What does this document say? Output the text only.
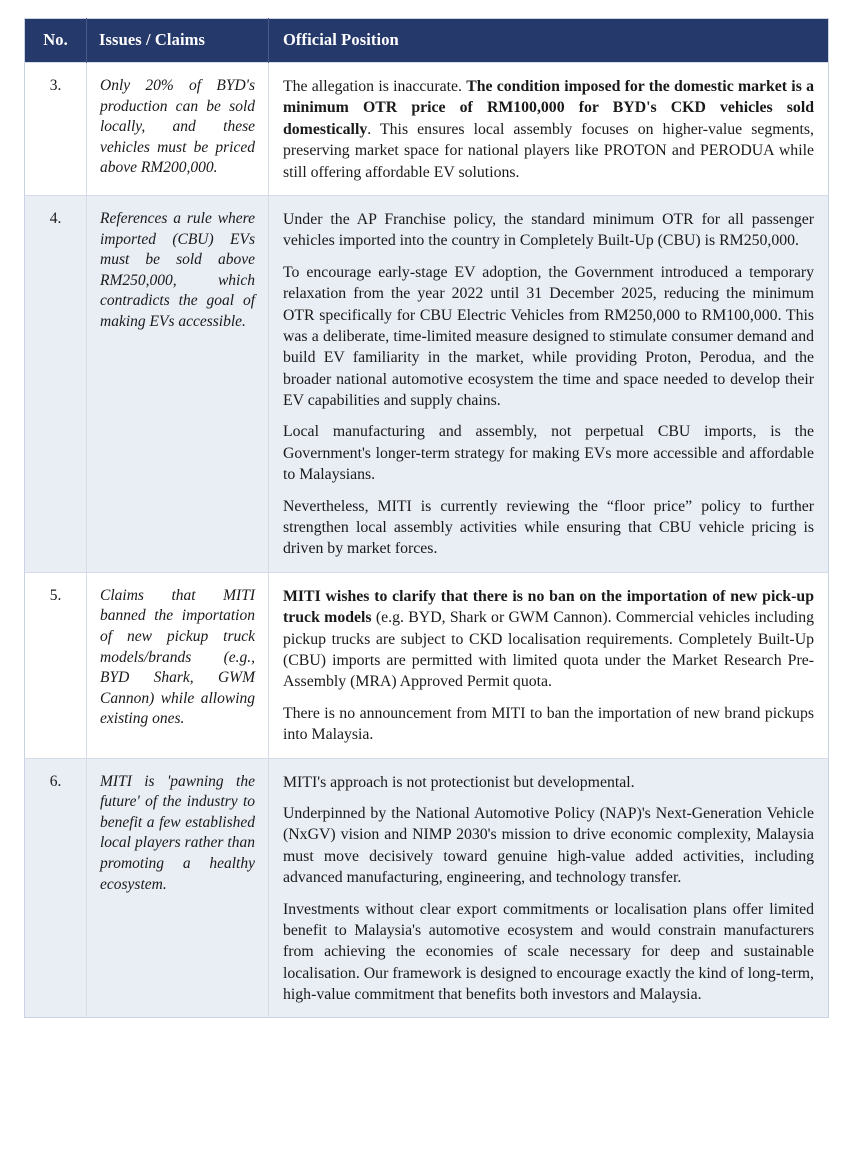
No.	Issues / Claims	Official Position
3.	Only 20% of BYD's production can be sold locally, and these vehicles must be priced above RM200,000.	The allegation is inaccurate. The condition imposed for the domestic market is a minimum OTR price of RM100,000 for BYD's CKD vehicles sold domestically. This ensures local assembly focuses on higher-value segments, preserving market space for national players like PROTON and PERODUA while still offering affordable EV solutions.

4.	References a rule where imported (CBU) EVs must be sold above RM250,000, which contradicts the goal of making EVs accessible.	Under the AP Franchise policy, the standard minimum OTR for all passenger vehicles imported into the country in Completely Built-Up (CBU) is RM250,000.

To encourage early-stage EV adoption, the Government introduced a temporary relaxation from the year 2022 until 31 December 2025, reducing the minimum OTR specifically for CBU Electric Vehicles from RM250,000 to RM100,000. This was a deliberate, time-limited measure designed to stimulate consumer demand and build EV familiarity in the market, while providing Proton, Perodua, and the broader national automotive ecosystem the time and space needed to develop their EV capabilities and supply chains.

Local manufacturing and assembly, not perpetual CBU imports, is the Government's longer-term strategy for making EVs more accessible and affordable to Malaysians.

Nevertheless, MITI is currently reviewing the “floor price” policy to further strengthen local assembly activities while ensuring that CBU vehicle pricing is driven by market forces.

5.	Claims that MITI banned the importation of new pickup truck models/brands (e.g., BYD Shark, GWM Cannon) while allowing existing ones.	MITI wishes to clarify that there is no ban on the importation of new pick-up truck models (e.g. BYD, Shark or GWM Cannon). Commercial vehicles including pickup trucks are subject to CKD localisation requirements. Completely Built-Up (CBU) imports are permitted with limited quota under the Market Research Pre-Assembly (MRA) Approved Permit quota.

There is no announcement from MITI to ban the importation of new brand pickups into Malaysia.

6.	MITI is 'pawning the future' of the industry to benefit a few established local players rather than promoting a healthy ecosystem.	MITI's approach is not protectionist but developmental.

Underpinned by the National Automotive Policy (NAP)'s Next-Generation Vehicle (NxGV) vision and NIMP 2030's mission to drive economic complexity, Malaysia must move decisively toward genuine high-value added activities, including advanced manufacturing, engineering, and technology transfer.

Investments without clear export commitments or localisation plans offer limited benefit to Malaysia's automotive ecosystem and would constrain manufacturers from achieving the economies of scale necessary for deep and sustainable localisation. Our framework is designed to encourage exactly the kind of long-term, high-value commitment that benefits both investors and Malaysia.
